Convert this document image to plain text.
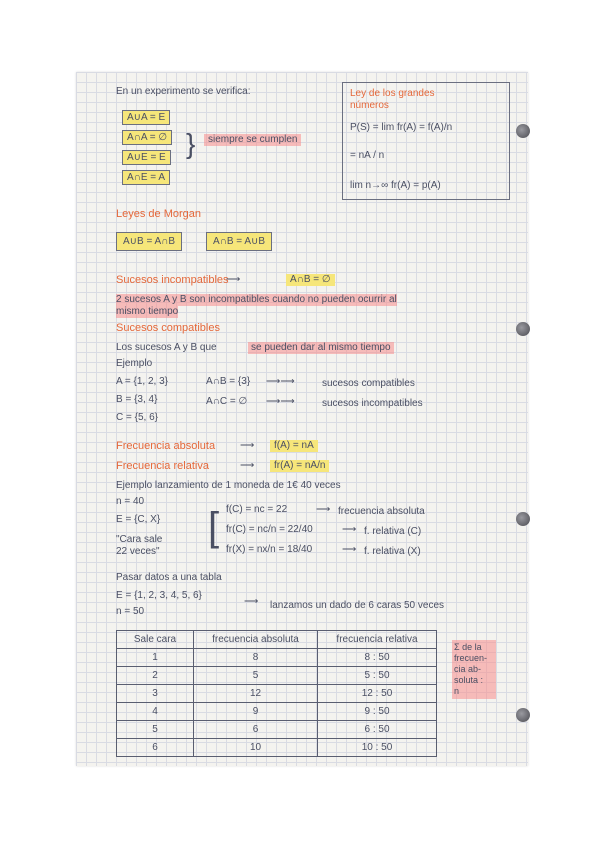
En un experimento se verifica:
A∪A = E
A∩A = ∅
A∪E = E
A∩E = A
}	siempre se cumplen
Ley de los grandes
números
P(S) = lim fr(A) = f(A)/n
= nA / n
lim n→∞ fr(A) = p(A)
Leyes de Morgan
A∪B = A∩B	A∩B = A∪B
Sucesos incompatibles
⟶	A∩B = ∅
2 sucesos A y B son incompatibles cuando no pueden ocurrir al
mismo tiempo
Sucesos compatibles
Los sucesos A y B que	se pueden dar al mismo tiempo
Ejemplo
A = {1, 2, 3}
B = {3, 4}
C = {5, 6}
A∩B = {3} ⟶⟶	sucesos compatibles
A∩C = ∅ ⟶⟶	sucesos incompatibles
Frecuencia absoluta ⟶	f(A) = nA
Frecuencia relativa	⟶	fr(A) = nA/n
Ejemplo lanzamiento de 1 moneda de 1€ 40 veces
n = 40
E = {C, X}
"Cara sale
22 veces"
[ f(C) = nc = 22	⟶ frecuencia absoluta
fr(C) = nc/n = 22/40	⟶ f. relativa (C)
fr(X) = nx/n = 18/40	⟶ f. relativa (X)
Pasar datos a una tabla
E = {1, 2, 3, 4, 5, 6}
n = 50
⟶ lanzamos un dado de 6 caras 50 veces
Sale cara	frecuencia absoluta	frecuencia relativa
1	8	8 : 50
2	5	5 : 50
3	12	12 : 50
4	9	9 : 50
5	6	6 : 50
6	10	10 : 50
Σ de la
frecuen-
cia ab-
soluta :
n
